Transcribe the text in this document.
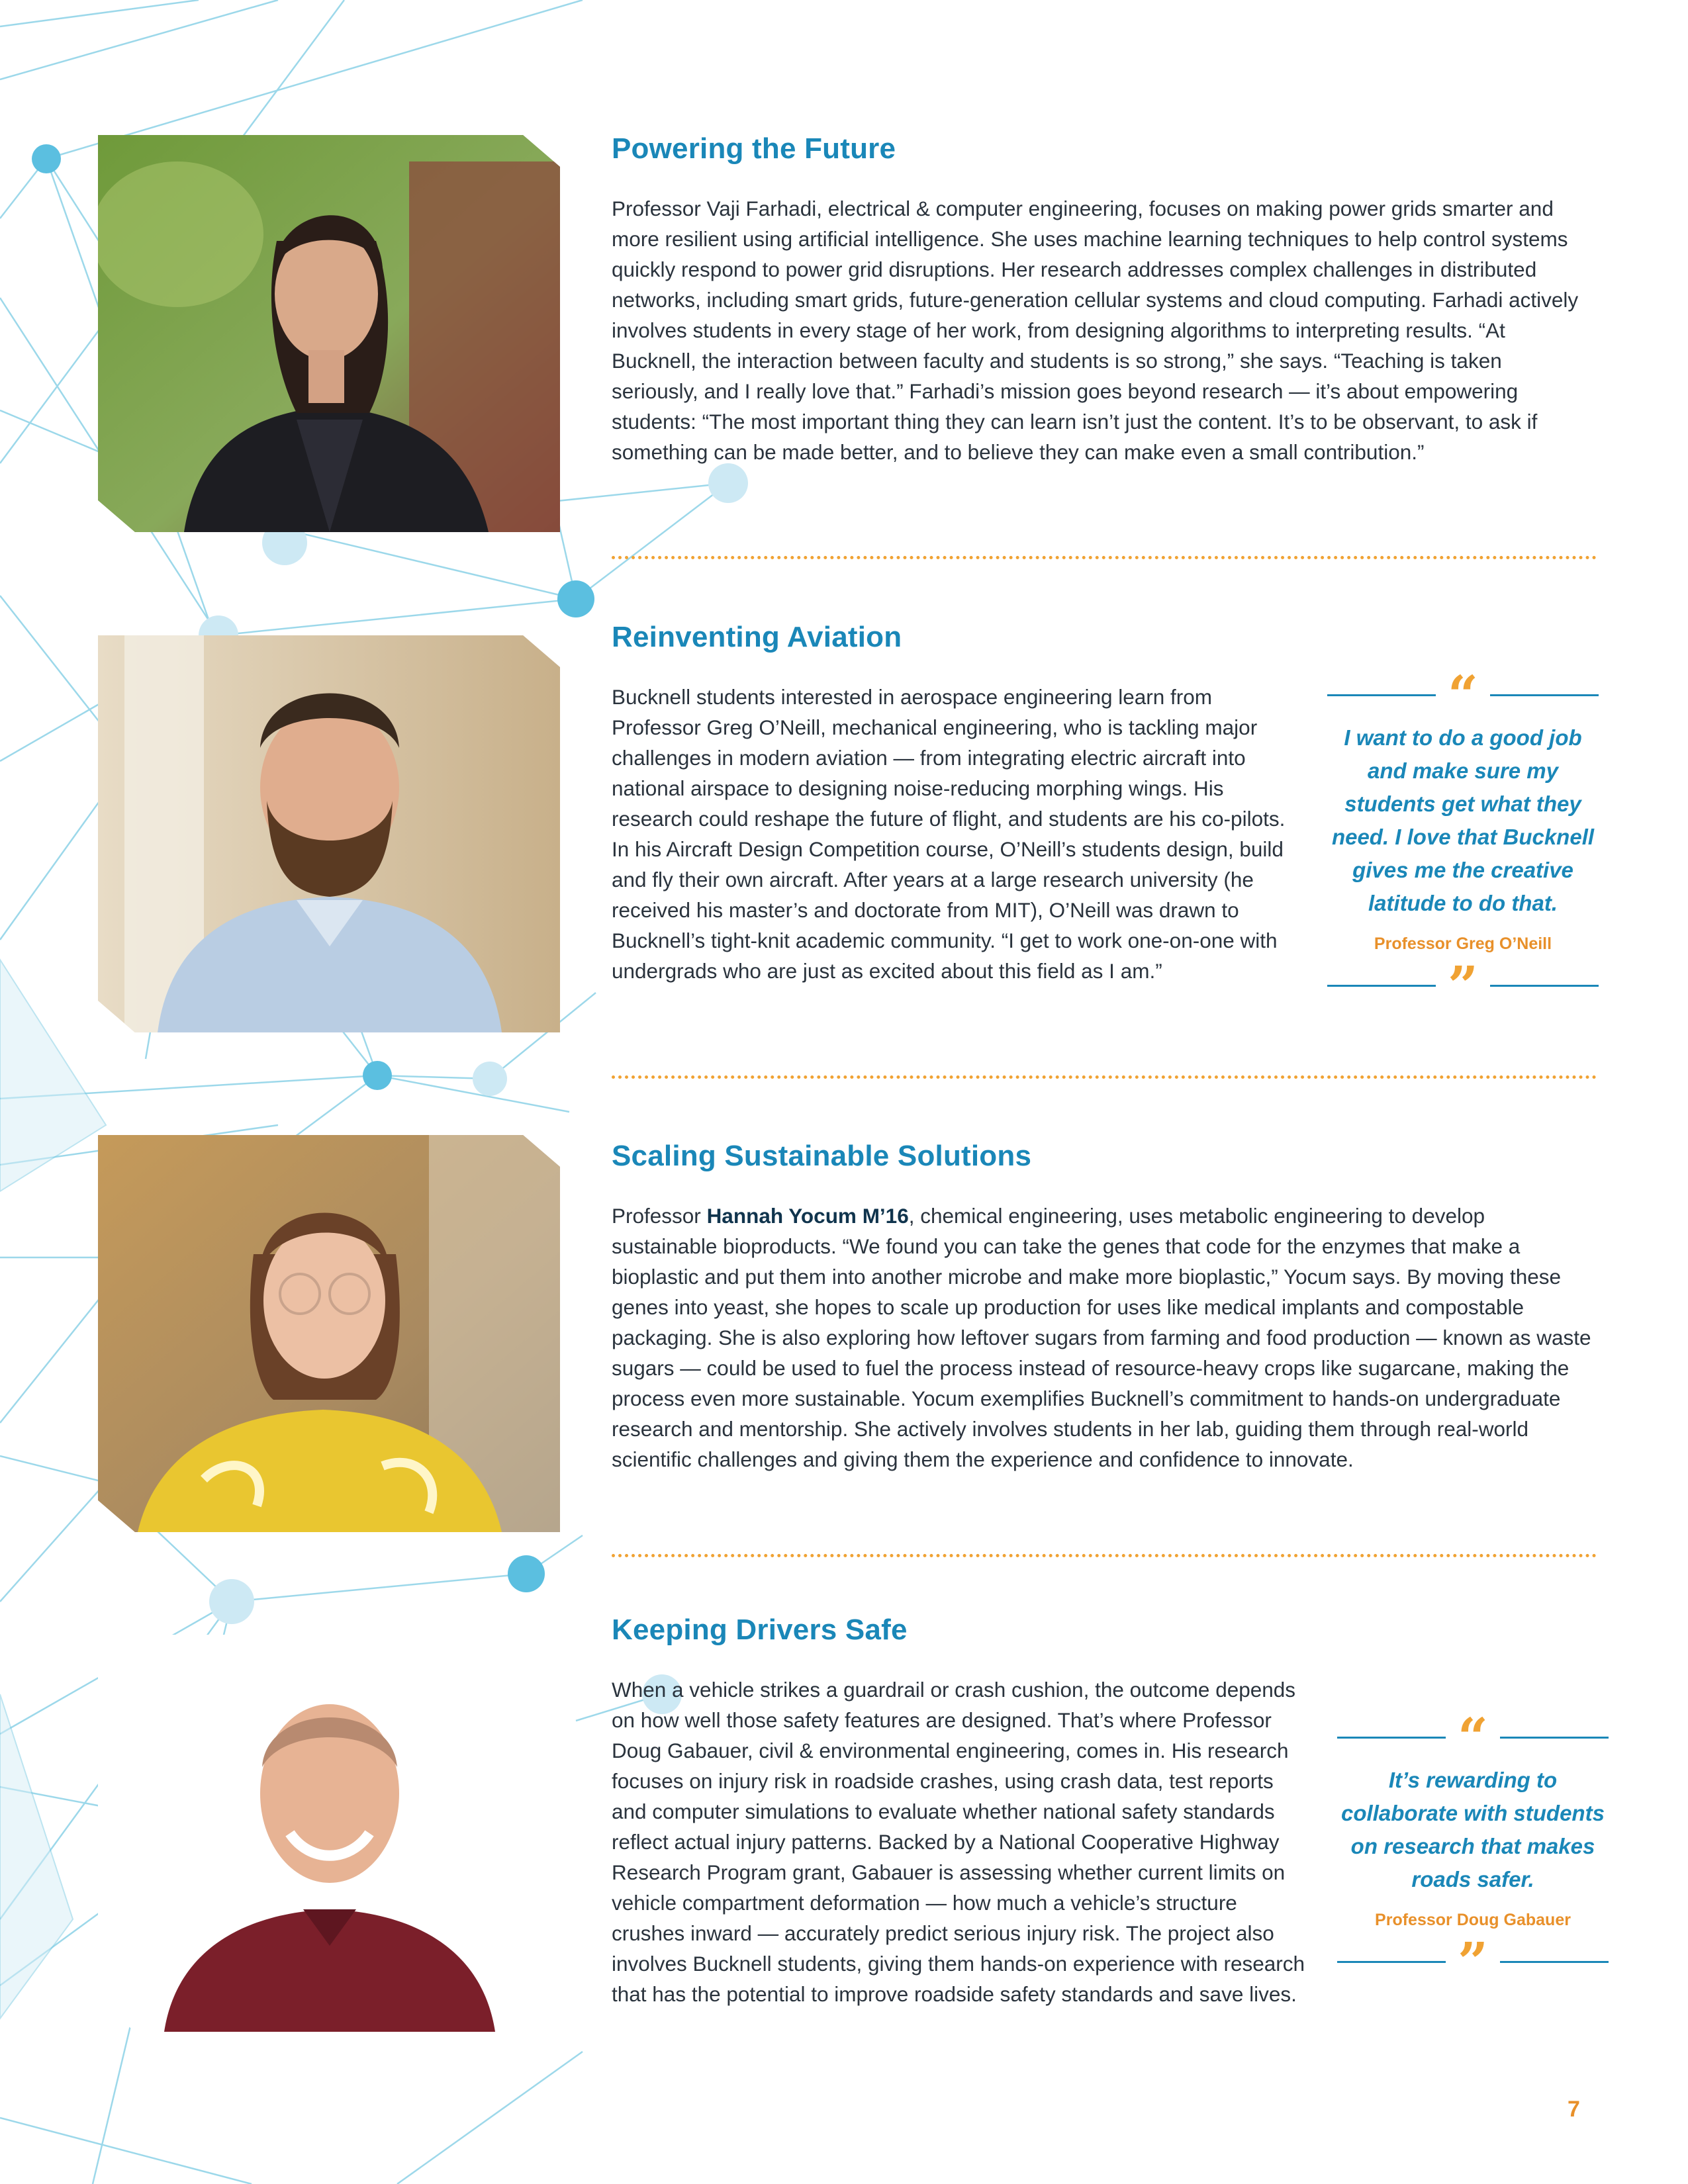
Powering the Future

Professor Vaji Farhadi, electrical & computer engineering, focuses on making power grids smarter and more resilient using artificial intelligence. She uses machine learning techniques to help control systems quickly respond to power grid disruptions. Her research addresses complex challenges in distributed networks, including smart grids, future-generation cellular systems and cloud computing. Farhadi actively involves students in every stage of her work, from designing algorithms to interpreting results. “At Bucknell, the interaction between faculty and students is so strong,” she says. “Teaching is taken seriously, and I really love that.” Farhadi’s mission goes beyond research — it’s about empowering students: “The most important thing they can learn isn’t just the content. It’s to be observant, to ask if something can be made better, and to believe they can make even a small contribution.”

Reinventing Aviation

Bucknell students interested in aerospace engineering learn from Professor Greg O’Neill, mechanical engineering, who is tackling major challenges in modern aviation — from integrating electric aircraft into national airspace to designing noise-reducing morphing wings. His research could reshape the future of flight, and students are his co-pilots. In his Aircraft Design Competition course, O’Neill’s students design, build and fly their own aircraft. After years at a large research university (he received his master’s and doctorate from MIT), O’Neill was drawn to Bucknell’s tight-knit academic community. “I get to work one-on-one with undergrads who are just as excited about this field as I am.”

“

I want to do a good job and make sure my students get what they need. I love that Bucknell gives me the creative latitude to do that.

Professor Greg O’Neill

”
Scaling Sustainable Solutions

Professor Hannah Yocum M’16, chemical engineering, uses metabolic engineering to develop sustainable bioproducts. “We found you can take the genes that code for the enzymes that make a bioplastic and put them into another microbe and make more bioplastic,” Yocum says. By moving these genes into yeast, she hopes to scale up production for uses like medical implants and compostable packaging. She is also exploring how leftover sugars from farming and food production — known as waste sugars — could be used to fuel the process instead of resource-heavy crops like sugarcane, making the process even more sustainable. Yocum exemplifies Bucknell’s commitment to hands-on undergraduate research and mentorship. She actively involves students in her lab, guiding them through real-world scientific challenges and giving them the experience and confidence to innovate.

Keeping Drivers Safe

When a vehicle strikes a guardrail or crash cushion, the outcome depends on how well those safety features are designed. That’s where Professor Doug Gabauer, civil & environmental engineering, comes in. His research focuses on injury risk in roadside crashes, using crash data, test reports and computer simulations to evaluate whether national safety standards reflect actual injury patterns. Backed by a National Cooperative Highway Research Program grant, Gabauer is assessing whether current limits on vehicle compartment deformation — how much a vehicle’s structure crushes inward — accurately predict serious injury risk. The project also involves Bucknell students, giving them hands-on experience with research that has the potential to improve roadside safety standards and save lives.

“

It’s rewarding to collaborate with students on research that makes roads safer.

Professor Doug Gabauer

”
7
